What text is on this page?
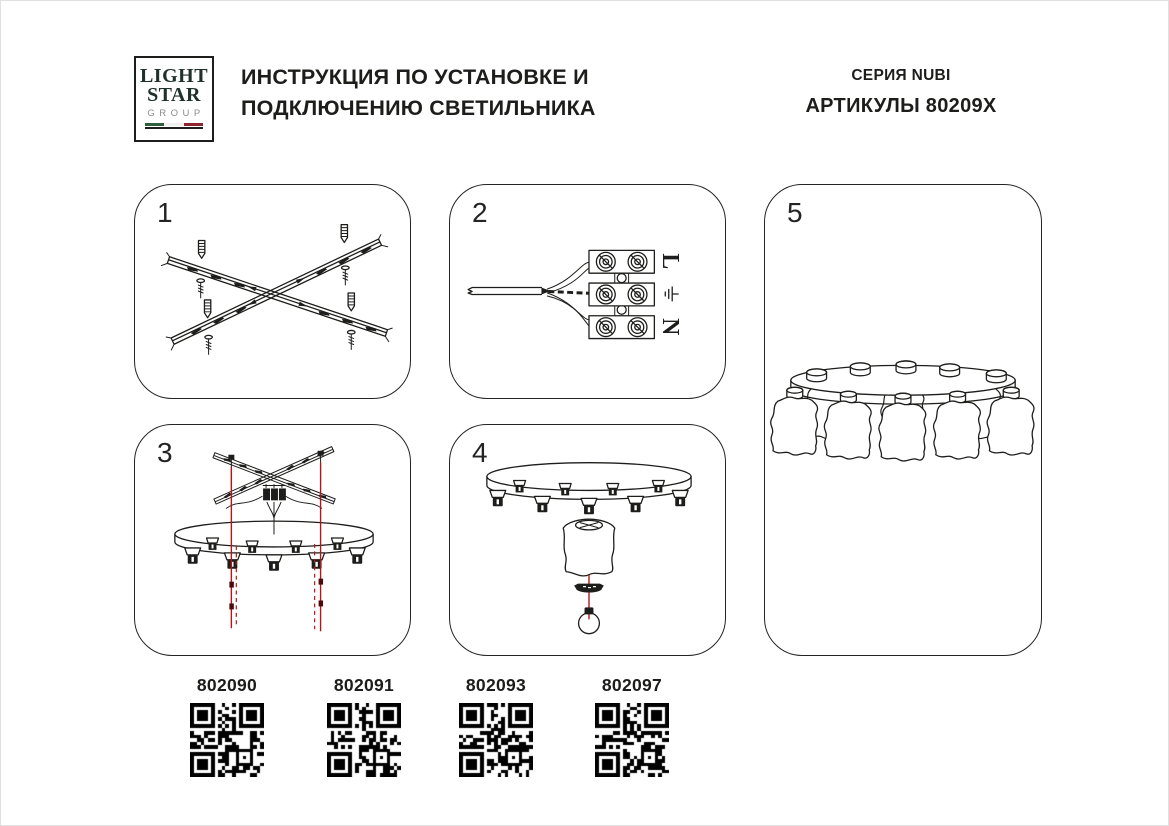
LIGHT
STAR
GROUP
ИНСТРУКЦИЯ ПО УСТАНОВКЕ И
ПОДКЛЮЧЕНИЮ СВЕТИЛЬНИКА
СЕРИЯ NUBI
АРТИКУЛЫ 80209X
1	2
L
N
3	4
5
802090	802091	802093	802097
